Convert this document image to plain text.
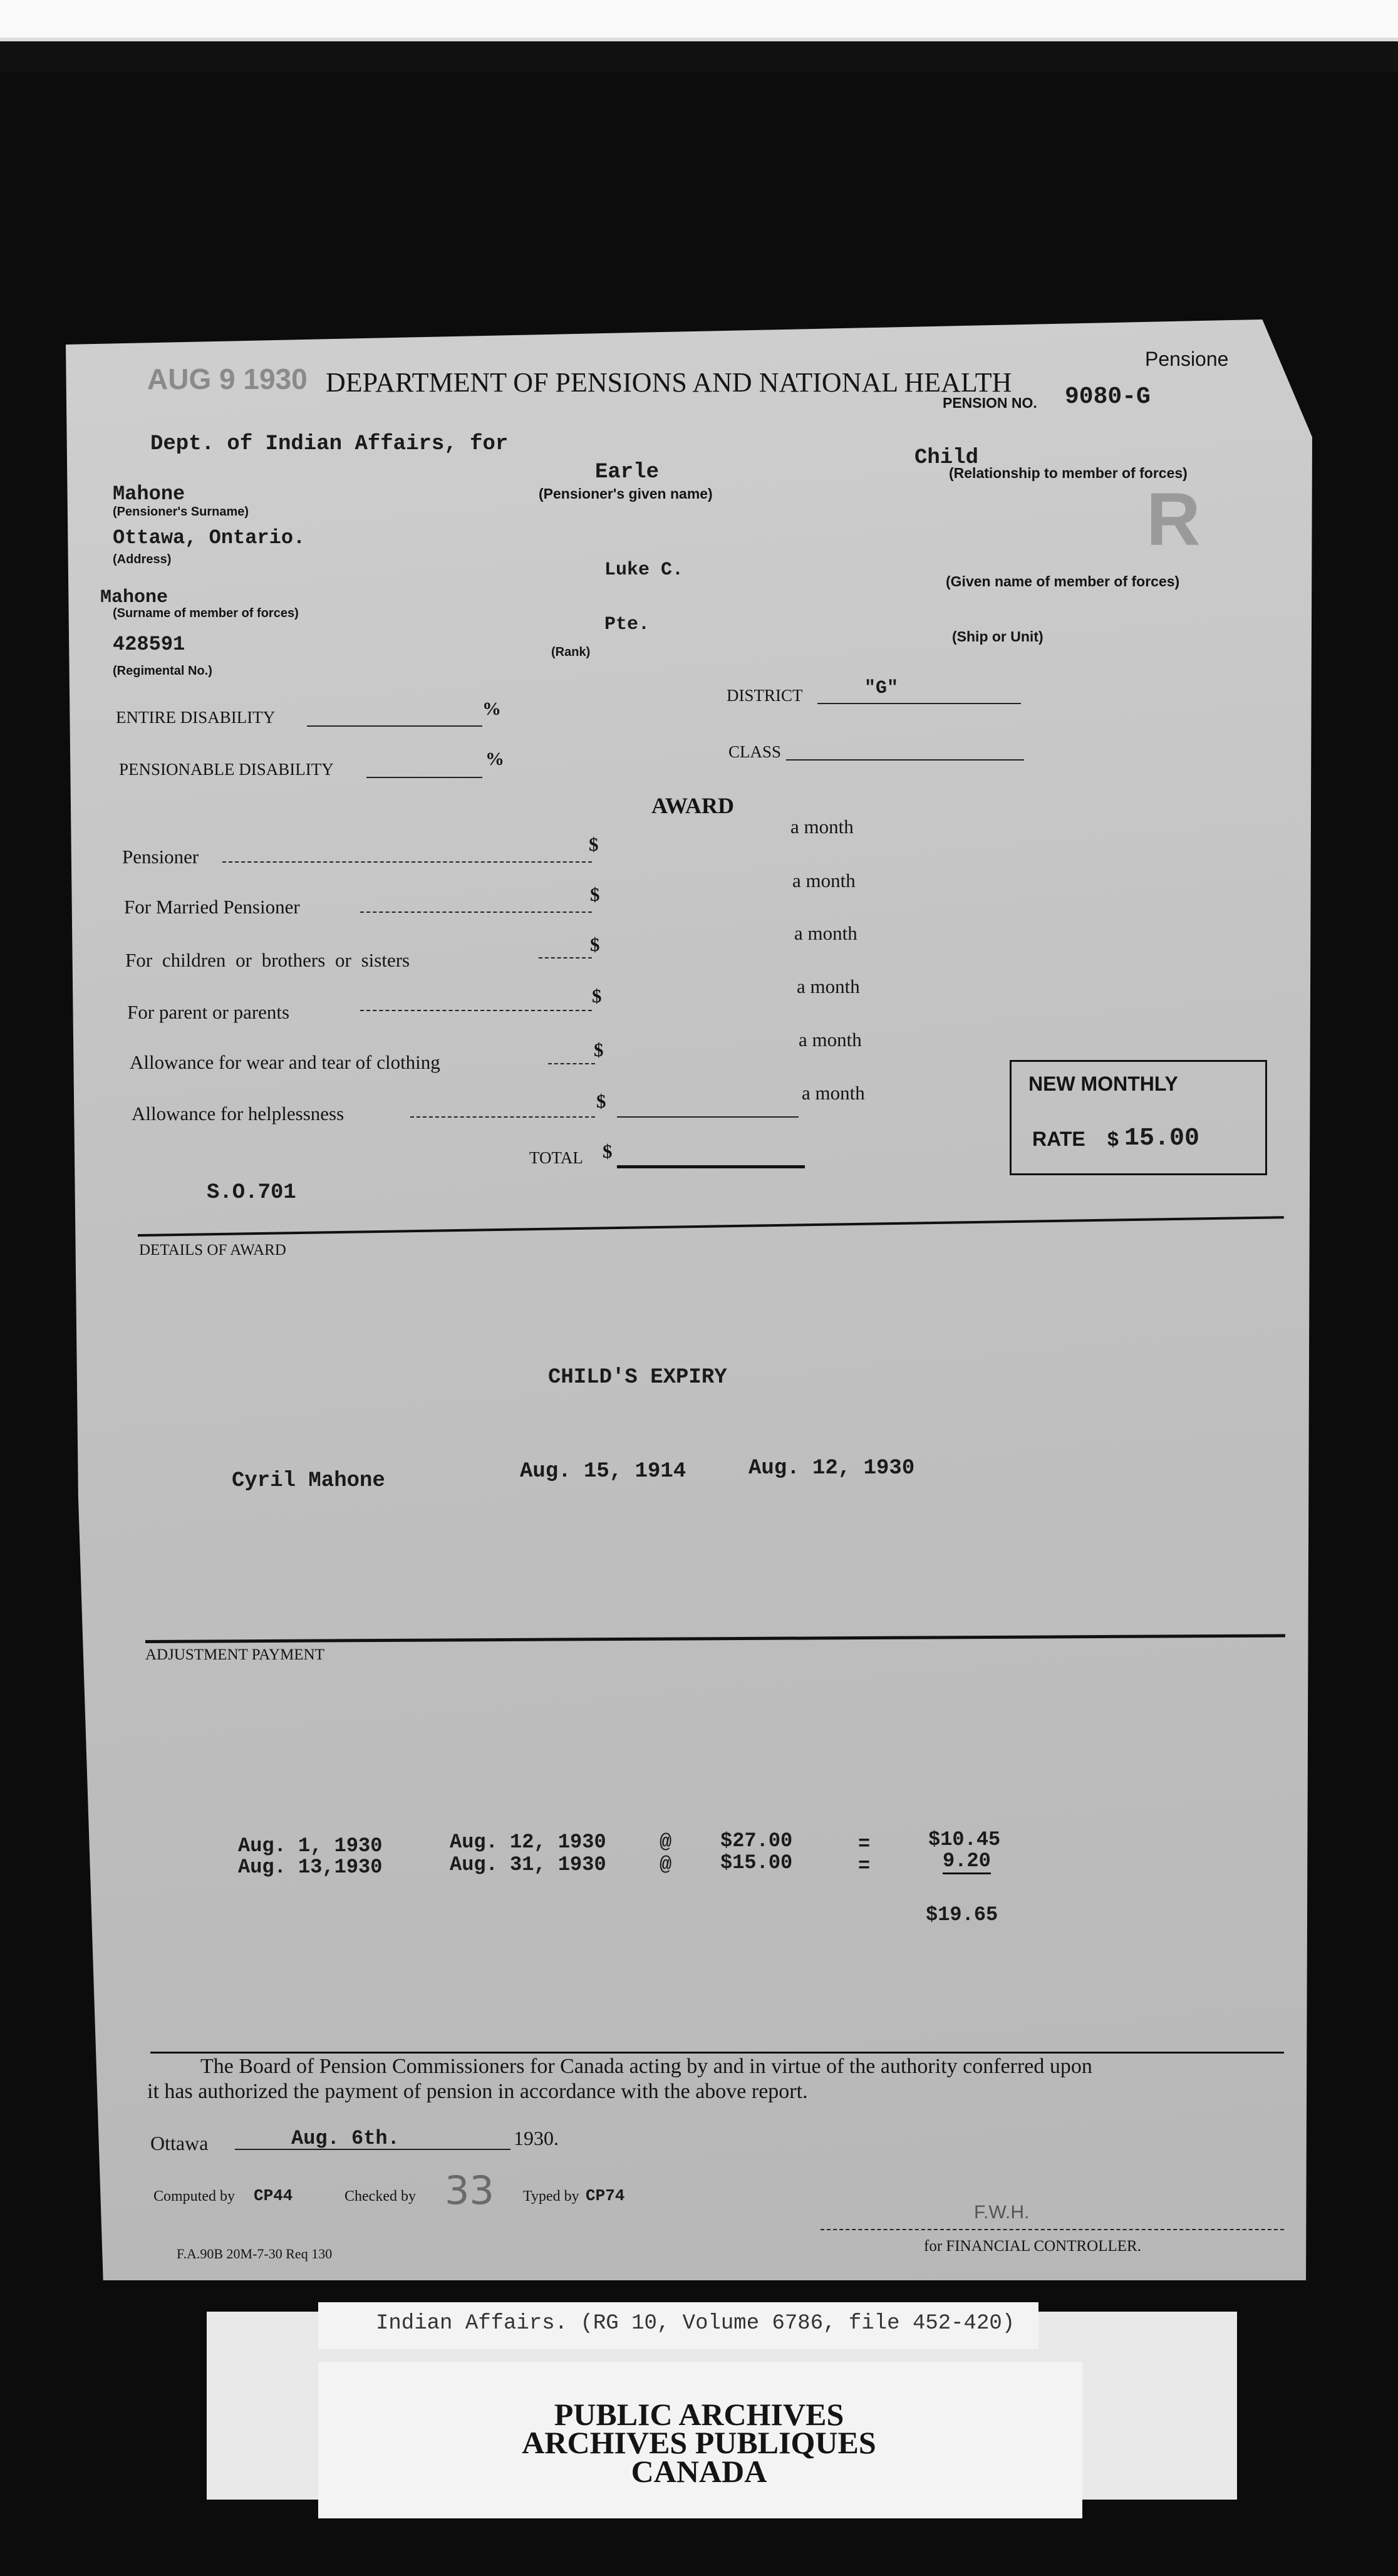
AUG 9 1930 DEPARTMENT OF PENSIONS AND NATIONAL HEALTH
Pensione
PENSION NO. 9080-G
Dept. of Indian Affairs, for
Mahone
(Pensioner's Surname)
Earle
(Pensioner's given name)
Child
(Relationship to member of forces)
Ottawa, Ontario.
(Address)	R
Luke C.
(Given name of member of forces)
Mahone
(Surname of member of forces)
Pte.
(Rank)
(Ship or Unit)
428591
(Regimental No.)
ENTIRE DISABILITY	%
DISTRICT	"G"
PENSIONABLE DISABILITY	%	CLASS
AWARD
Pensioner
$
a month
For Married Pensioner
$
a month
For children or brothers or sisters
$
a month
For parent or parents
$	a month
Allowance for wear and tear of clothing
$	a month
Allowance for helplessness
$	a month
TOTAL $
NEW MONTHLY
RATE $ 15.00
S.O.701
DETAILS OF AWARD
CHILD'S EXPIRY
Cyril Mahone	Aug. 15, 1914	Aug. 12, 1930
ADJUSTMENT PAYMENT
Aug. 1, 1930	Aug. 12, 1930	@ $27.00	=	$10.45
Aug. 13,1930	Aug. 31, 1930	@ $15.00	=	9.20
$19.65
The Board of Pension Commissioners for Canada acting by and in virtue of the authority conferred upon
it has authorized the payment of pension in accordance with the above report.
Ottawa	Aug. 6th.	1930.
Computed by CP44	Checked by 33 Typed by CP74
F.W.H.
for FINANCIAL CONTROLLER.
F.A.90B 20M-7-30 Req 130
Indian Affairs. (RG 10, Volume 6786, file 452-420)
PUBLIC ARCHIVES
ARCHIVES PUBLIQUES
CANADA
